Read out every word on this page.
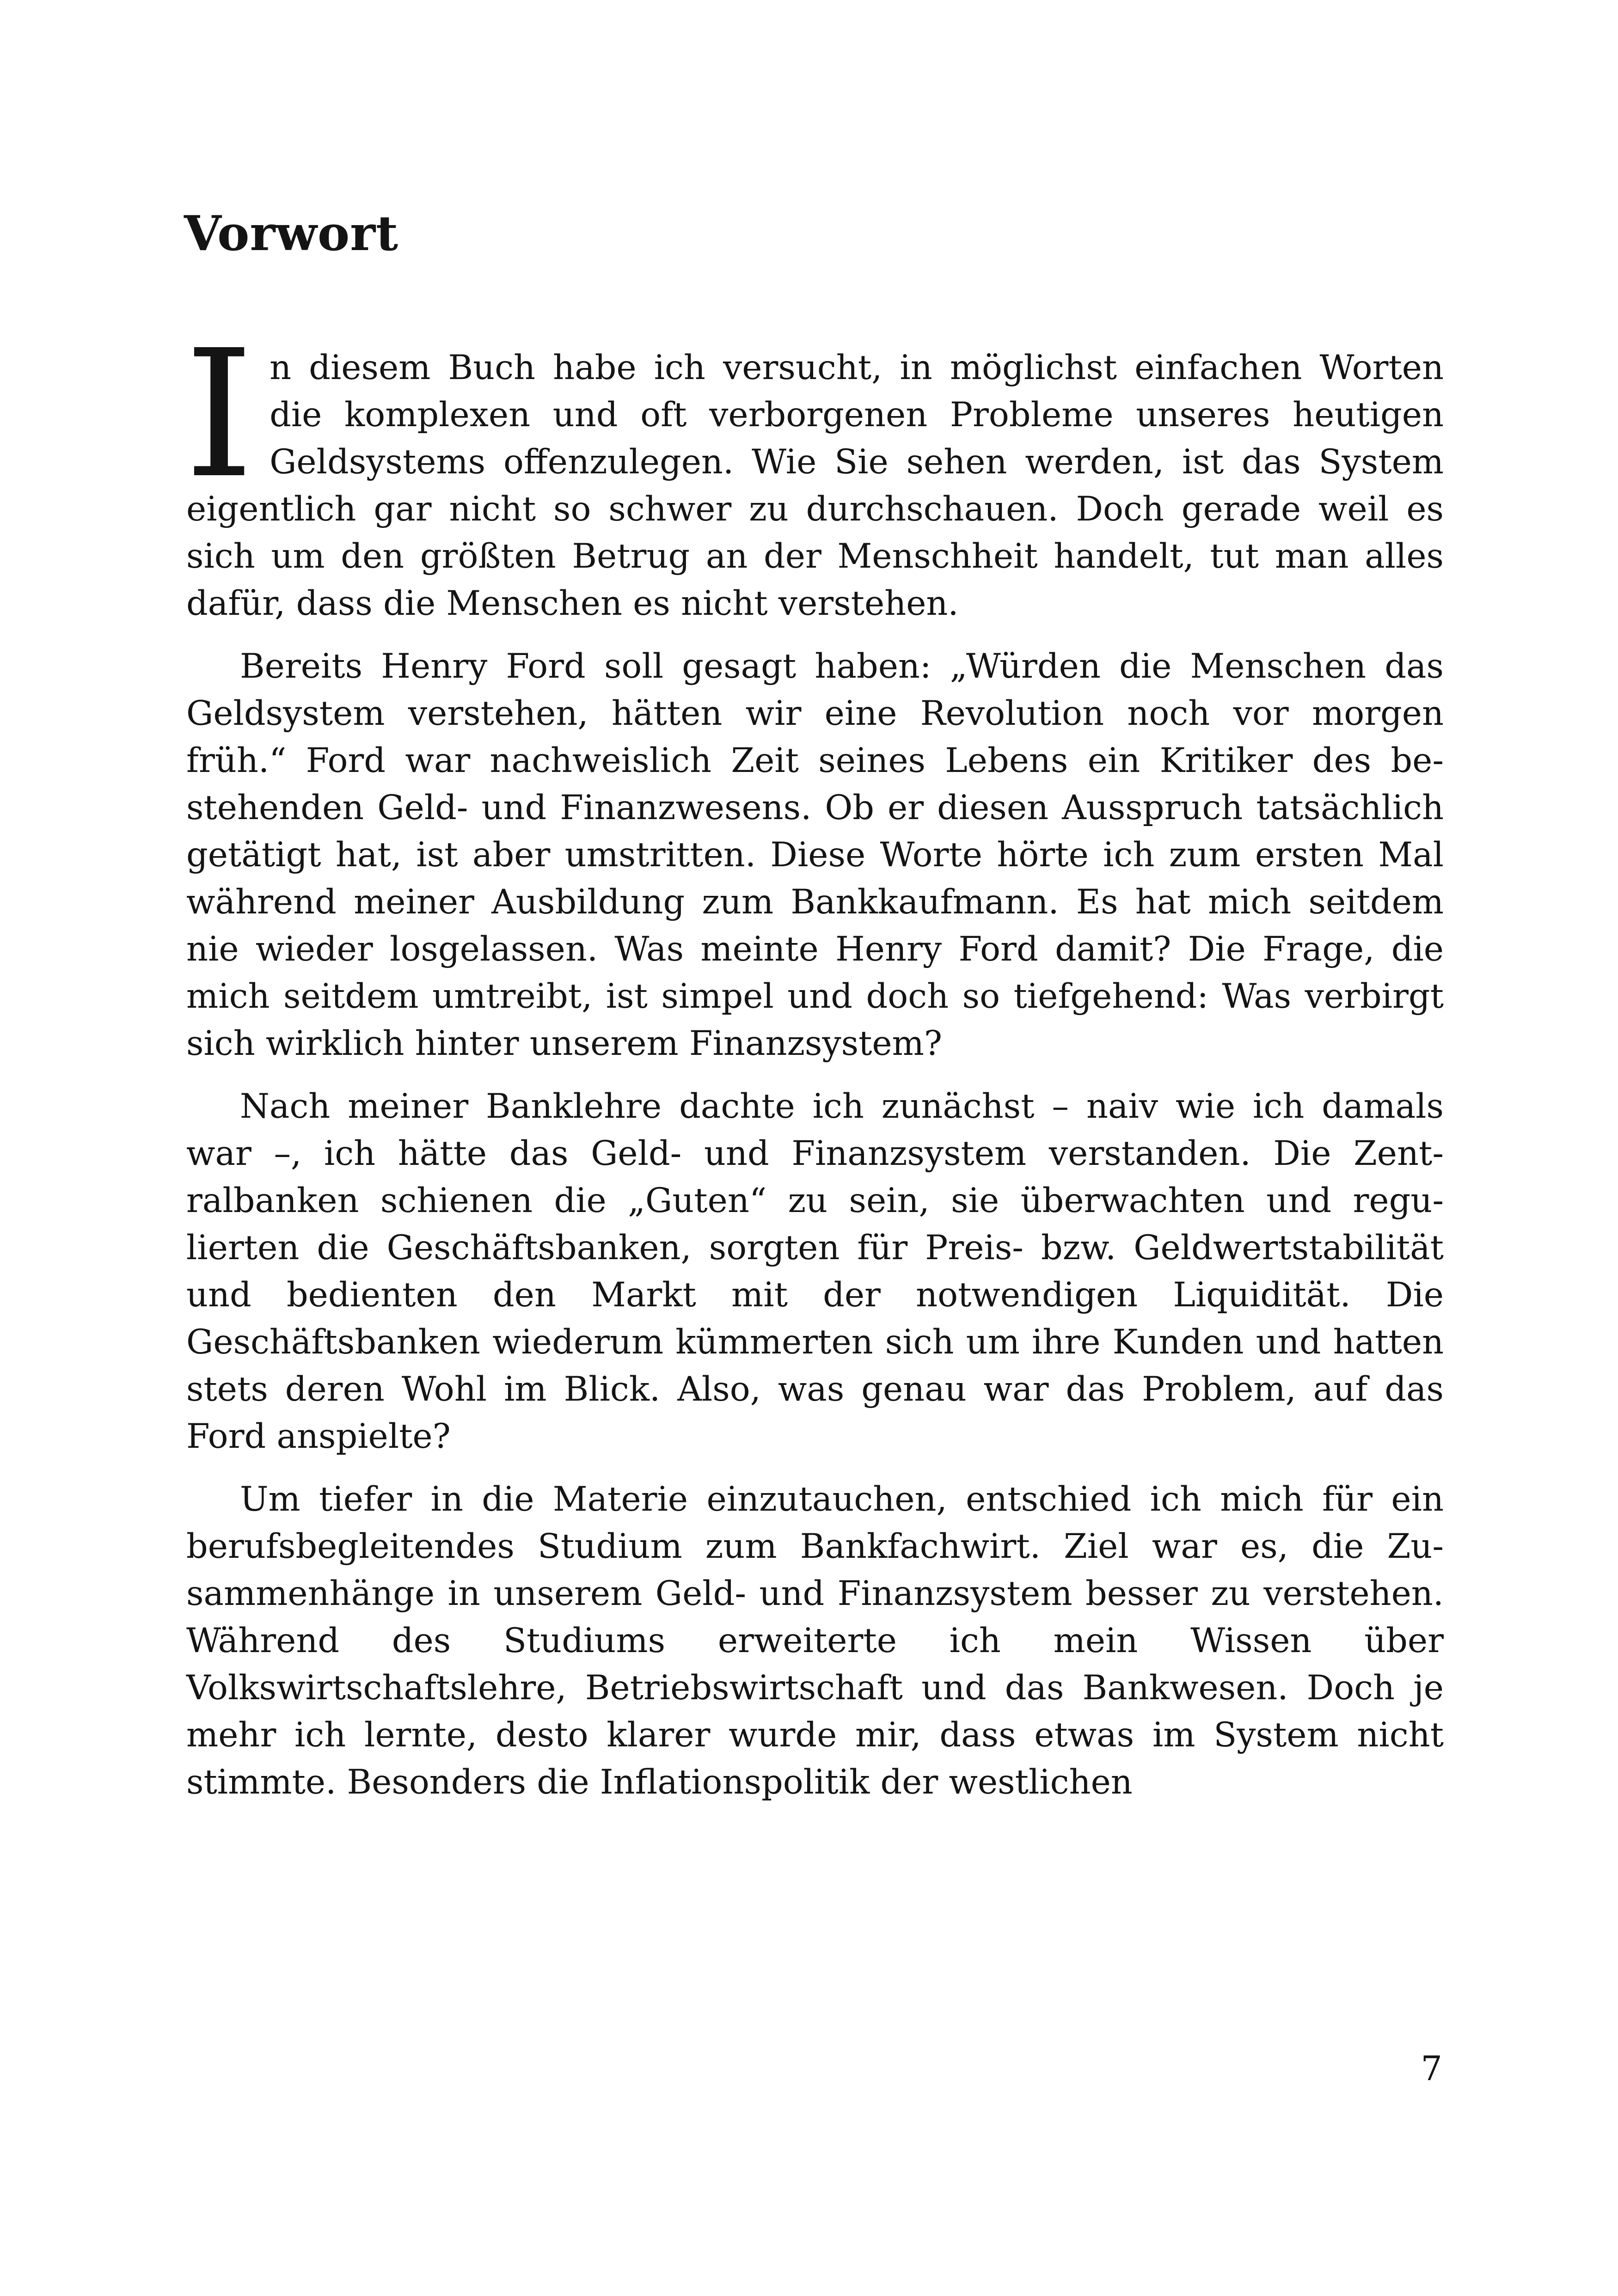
Vorwort

In diesem Buch habe ich versucht, in möglichst einfachen Worten die komplexen und oft verborgenen Probleme unseres heutigen Geldsystems offenzulegen. Wie Sie sehen werden, ist das System eigentlich gar nicht so schwer zu durchschauen. Doch gerade weil es sich um den größten Betrug an der Menschheit handelt, tut man alles dafür, dass die Menschen es nicht verstehen.

Bereits Henry Ford soll gesagt haben: „Würden die Menschen das Geldsystem verstehen, hätten wir eine Revolution noch vor morgen früh.“ Ford war nachweislich Zeit seines Lebens ein Kritiker des bestehenden Geld- und Finanzwesens. Ob er diesen Ausspruch tatsächlich getätigt hat, ist aber umstritten. Diese Worte hörte ich zum ersten Mal während meiner Ausbildung zum Bankkaufmann. Es hat mich seitdem nie wieder losgelassen. Was meinte Henry Ford damit? Die Frage, die mich seitdem umtreibt, ist simpel und doch so tiefgehend: Was verbirgt sich wirklich hinter unserem Finanzsystem?

Nach meiner Banklehre dachte ich zunächst – naiv wie ich damals war –, ich hätte das Geld- und Finanzsystem verstanden. Die Zentralbanken schienen die „Guten“ zu sein, sie überwachten und regulierten die Geschäftsbanken, sorgten für Preis- bzw. Geldwertstabilität und bedienten den Markt mit der notwendigen Liquidität. Die Geschäftsbanken wiederum kümmerten sich um ihre Kunden und hatten stets deren Wohl im Blick. Also, was genau war das Problem, auf das Ford anspielte?

Um tiefer in die Materie einzutauchen, entschied ich mich für ein berufsbegleitendes Studium zum Bankfachwirt. Ziel war es, die Zusammenhänge in unserem Geld- und Finanzsystem besser zu verstehen. Während des Studiums erweiterte ich mein Wissen über Volkswirtschaftslehre, Betriebswirtschaft und das Bankwesen. Doch je mehr ich lernte, desto klarer wurde mir, dass etwas im System nicht stimmte. Besonders die Inflationspolitik der westlichen

7
